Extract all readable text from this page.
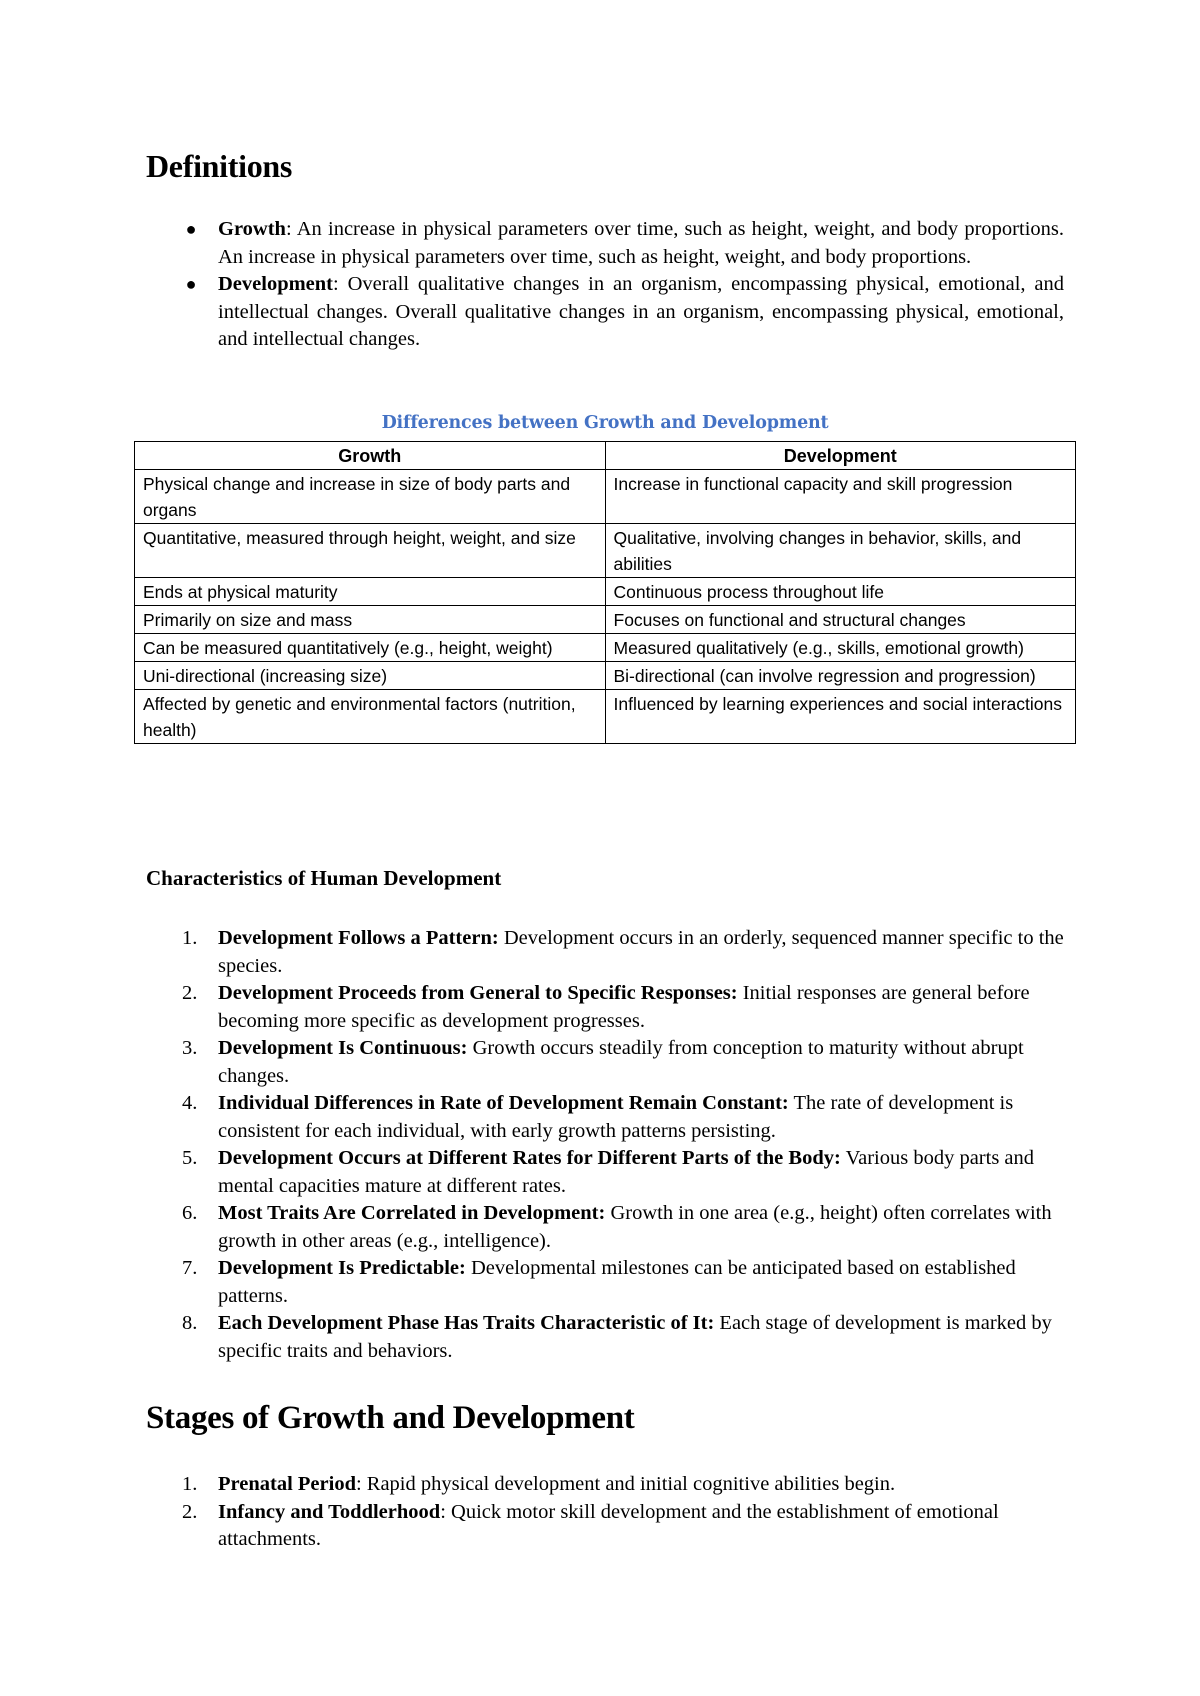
Definitions
● Growth: An increase in physical parameters over time, such as height, weight, and body proportions. An increase in physical parameters over time, such as height, weight, and body proportions.
● Development: Overall qualitative changes in an organism, encompassing physical, emotional, and intellectual changes. Overall qualitative changes in an organism, encompassing physical, emotional, and intellectual changes.
Differences between Growth and Development
Growth	Development
Physical change and increase in size of body parts and organs	Increase in functional capacity and skill progression
Quantitative, measured through height, weight, and size	Qualitative, involving changes in behavior, skills, and abilities
Ends at physical maturity	Continuous process throughout life
Primarily on size and mass	Focuses on functional and structural changes
Can be measured quantitatively (e.g., height, weight)	Measured qualitatively (e.g., skills, emotional growth)
Uni-directional (increasing size)	Bi-directional (can involve regression and progression)
Affected by genetic and environmental factors (nutrition, health)	Influenced by learning experiences and social interactions
Characteristics of Human Development
1. Development Follows a Pattern: Development occurs in an orderly, sequenced manner specific to the species.
2. Development Proceeds from General to Specific Responses: Initial responses are general before becoming more specific as development progresses.
3. Development Is Continuous: Growth occurs steadily from conception to maturity without abrupt changes.
4. Individual Differences in Rate of Development Remain Constant: The rate of development is consistent for each individual, with early growth patterns persisting.
5. Development Occurs at Different Rates for Different Parts of the Body: Various body parts and mental capacities mature at different rates.
6. Most Traits Are Correlated in Development: Growth in one area (e.g., height) often correlates with growth in other areas (e.g., intelligence).
7. Development Is Predictable: Developmental milestones can be anticipated based on established patterns.
8. Each Development Phase Has Traits Characteristic of It: Each stage of development is marked by specific traits and behaviors.
Stages of Growth and Development
1. Prenatal Period: Rapid physical development and initial cognitive abilities begin.
2. Infancy and Toddlerhood: Quick motor skill development and the establishment of emotional attachments.
